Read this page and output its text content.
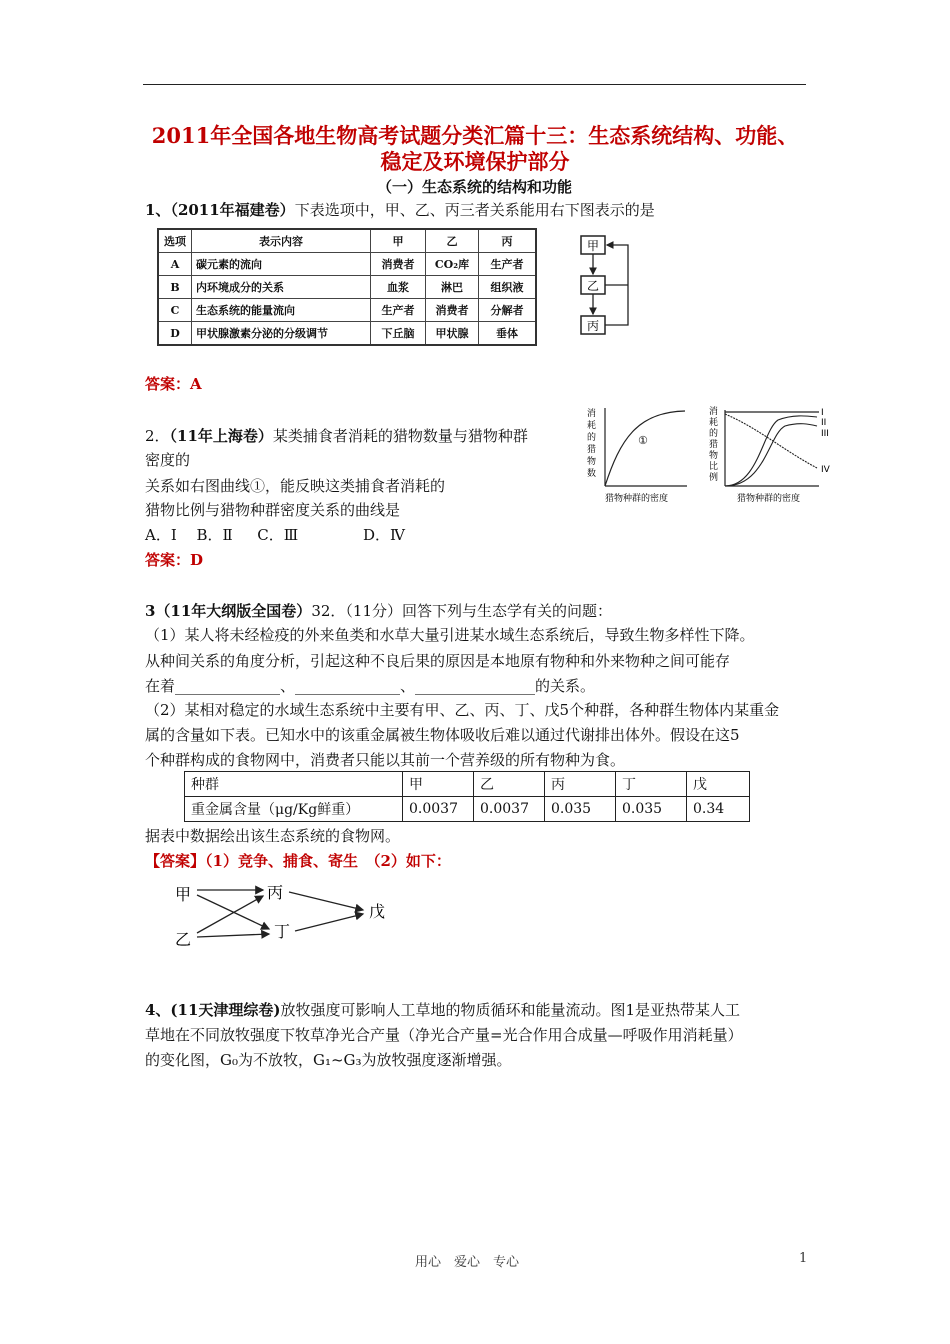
2011年全国各地生物高考试题分类汇篇十三：生态系统结构、功能、
稳定及环境保护部分
（一）生态系统的结构和功能
1、（2011年福建卷）下表选项中，甲、乙、丙三者关系能用右下图表示的是
选项	表示内容	甲	乙	丙
A	碳元素的流向	消费者	CO₂库	生产者
B	内环境成分的关系	血浆	淋巴	组织液
C	生态系统的能量流向	生产者	消费者	分解者
D	甲状腺激素分泌的分级调节	下丘脑	甲状腺	垂体
甲
乙
丙
答案：A
2．（11年上海卷）某类捕食者消耗的猎物数量与猎物种群
密度的
关系如右图曲线①，能反映这类捕食者消耗的
猎物比例与猎物种群密度关系的曲线是
A．Ⅰ　 B．Ⅱ 　 C．Ⅲ　　　　 D．Ⅳ
答案：D
消
耗
的
猎
物
数
①
猎物种群的密度
消
耗
的
猎
物
比
例
I
II
III
IV
猎物种群的密度
3（11年大纲版全国卷）32．（11分）回答下列与生态学有关的问题：
（1）某人将未经检疫的外来鱼类和水草大量引进某水域生态系统后，导致生物多样性下降。
从种间关系的角度分析，引起这种不良后果的原因是本地原有物种和外来物种之间可能存
在着______________、______________、________________的关系。
（2）某相对稳定的水域生态系统中主要有甲、乙、丙、丁、戊5个种群，各种群生物体内某重金
属的含量如下表。已知水中的该重金属被生物体吸收后难以通过代谢排出体外。假设在这5
个种群构成的食物网中，消费者只能以其前一个营养级的所有物种为食。
种群	甲	乙	丙	丁	戊
重金属含量（μg/Kg鲜重）	0.0037	0.0037	0.035	0.035	0.34
据表中数据绘出该生态系统的食物网。
【答案】（1）竞争、捕食、寄生　（2）如下：
甲
乙
丙
丁
戊
4、(11天津理综卷)放牧强度可影响人工草地的物质循环和能量流动。图1是亚热带某人工
草地在不同放牧强度下牧草净光合产量（净光合产量=光合作用合成量—呼吸作用消耗量）
的变化图，G₀为不放牧，G₁~G₃为放牧强度逐渐增强。
用心　爱心　专心	1
